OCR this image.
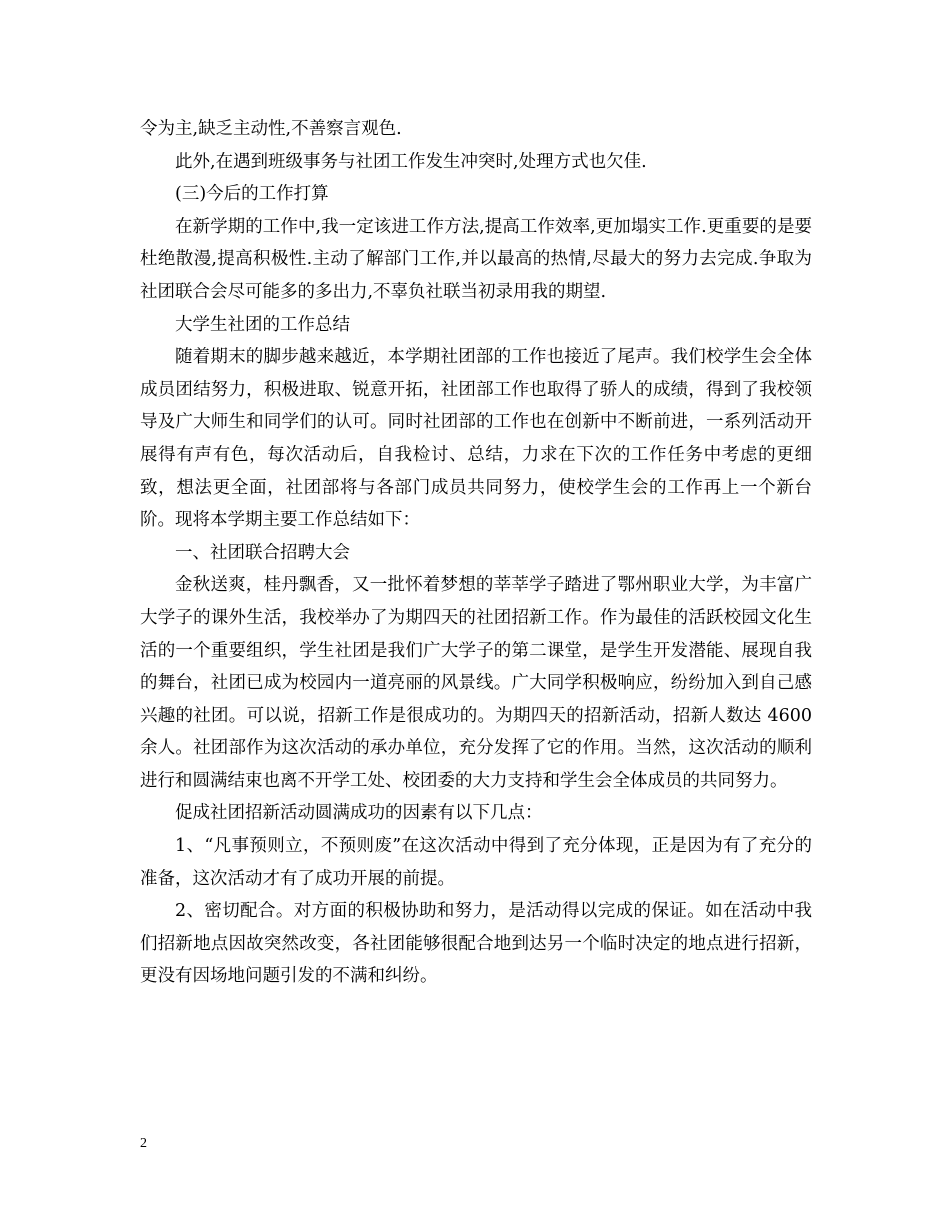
令为主,缺乏主动性,不善察言观色.

此外,在遇到班级事务与社团工作发生冲突时,处理方式也欠佳.

(三)今后的工作打算

在新学期的工作中,我一定该进工作方法,提高工作效率,更加塌实工作.更重要的是要杜绝散漫,提高积极性.主动了解部门工作,并以最高的热情,尽最大的努力去完成.争取为社团联合会尽可能多的多出力,不辜负社联当初录用我的期望.

大学生社团的工作总结

随着期末的脚步越来越近，本学期社团部的工作也接近了尾声。我们校学生会全体成员团结努力，积极进取、锐意开拓，社团部工作也取得了骄人的成绩，得到了我校领导及广大师生和同学们的认可。同时社团部的工作也在创新中不断前进，一系列活动开展得有声有色，每次活动后，自我检讨、总结，力求在下次的工作任务中考虑的更细致，想法更全面，社团部将与各部门成员共同努力，使校学生会的工作再上一个新台阶。现将本学期主要工作总结如下：

一、社团联合招聘大会

金秋送爽，桂丹飘香，又一批怀着梦想的莘莘学子踏进了鄂州职业大学，为丰富广大学子的课外生活，我校举办了为期四天的社团招新工作。作为最佳的活跃校园文化生活的一个重要组织，学生社团是我们广大学子的第二课堂，是学生开发潜能、展现自我的舞台，社团已成为校园内一道亮丽的风景线。广大同学积极响应，纷纷加入到自己感兴趣的社团。可以说，招新工作是很成功的。为期四天的招新活动，招新人数达 4600 余人。社团部作为这次活动的承办单位，充分发挥了它的作用。当然，这次活动的顺利进行和圆满结束也离不开学工处、校团委的大力支持和学生会全体成员的共同努力。

促成社团招新活动圆满成功的因素有以下几点：

1、“凡事预则立，不预则废”在这次活动中得到了充分体现，正是因为有了充分的准备，这次活动才有了成功开展的前提。

2、密切配合。对方面的积极协助和努力，是活动得以完成的保证。如在活动中我们招新地点因故突然改变，各社团能够很配合地到达另一个临时决定的地点进行招新，更没有因场地问题引发的不满和纠纷。

2
